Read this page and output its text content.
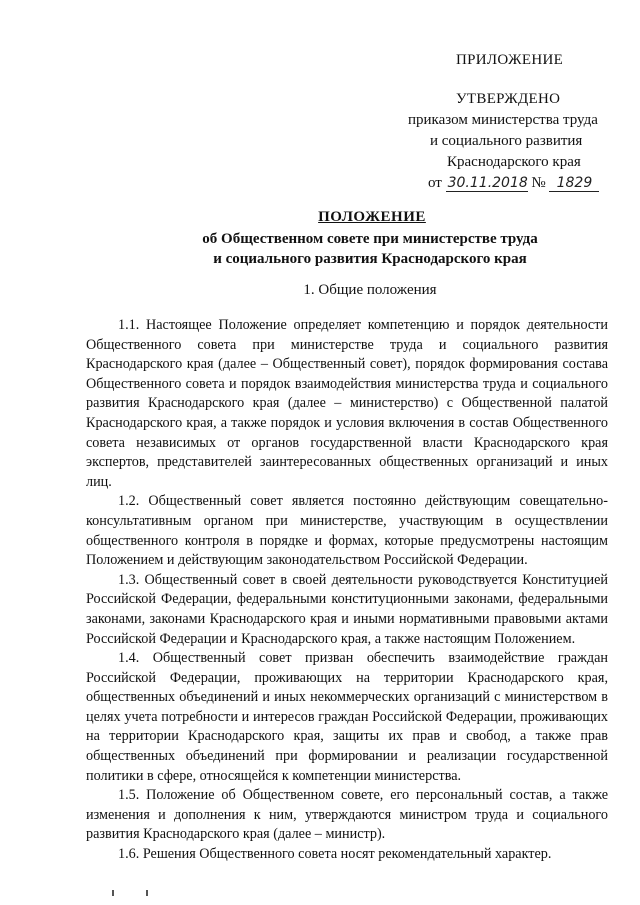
ПРИЛОЖЕНИЕ
УТВЕРЖДЕНО
приказом министерства труда
и социального развития
Краснодарского края
от 30.11.2018 № 1829
ПОЛОЖЕНИЕ
об Общественном совете при министерстве труда
и социального развития Краснодарского края
1. Общие положения

1.1. Настоящее Положение определяет компетенцию и порядок деятельности Общественного совета при министерстве труда и социального развития Краснодарского края (далее – Общественный совет), порядок формирования состава Общественного совета и порядок взаимодействия министерства труда и социального развития Краснодарского края (далее – министерство) с Общественной палатой Краснодарского края, а также порядок и условия включения в состав Общественного совета независимых от органов государственной власти Краснодарского края экспертов, представителей заинтересованных общественных организаций и иных лиц.

1.2. Общественный совет является постоянно действующим совещательно-консультативным органом при министерстве, участвующим в осуществлении общественного контроля в порядке и формах, которые предусмотрены настоящим Положением и действующим законодательством Российской Федерации.

1.3. Общественный совет в своей деятельности руководствуется Конституцией Российской Федерации, федеральными конституционными законами, федеральными законами, законами Краснодарского края и иными нормативными правовыми актами Российской Федерации и Краснодарского края, а также настоящим Положением.

1.4. Общественный совет призван обеспечить взаимодействие граждан Российской Федерации, проживающих на территории Краснодарского края, общественных объединений и иных некоммерческих организаций с министерством в целях учета потребности и интересов граждан Российской Федерации, проживающих на территории Краснодарского края, защиты их прав и свобод, а также прав общественных объединений при формировании и реализации государственной политики в сфере, относящейся к компетенции министерства.

1.5. Положение об Общественном совете, его персональный состав, а также изменения и дополнения к ним, утверждаются министром труда и социального развития Краснодарского края (далее – министр).

1.6. Решения Общественного совета носят рекомендательный характер.
